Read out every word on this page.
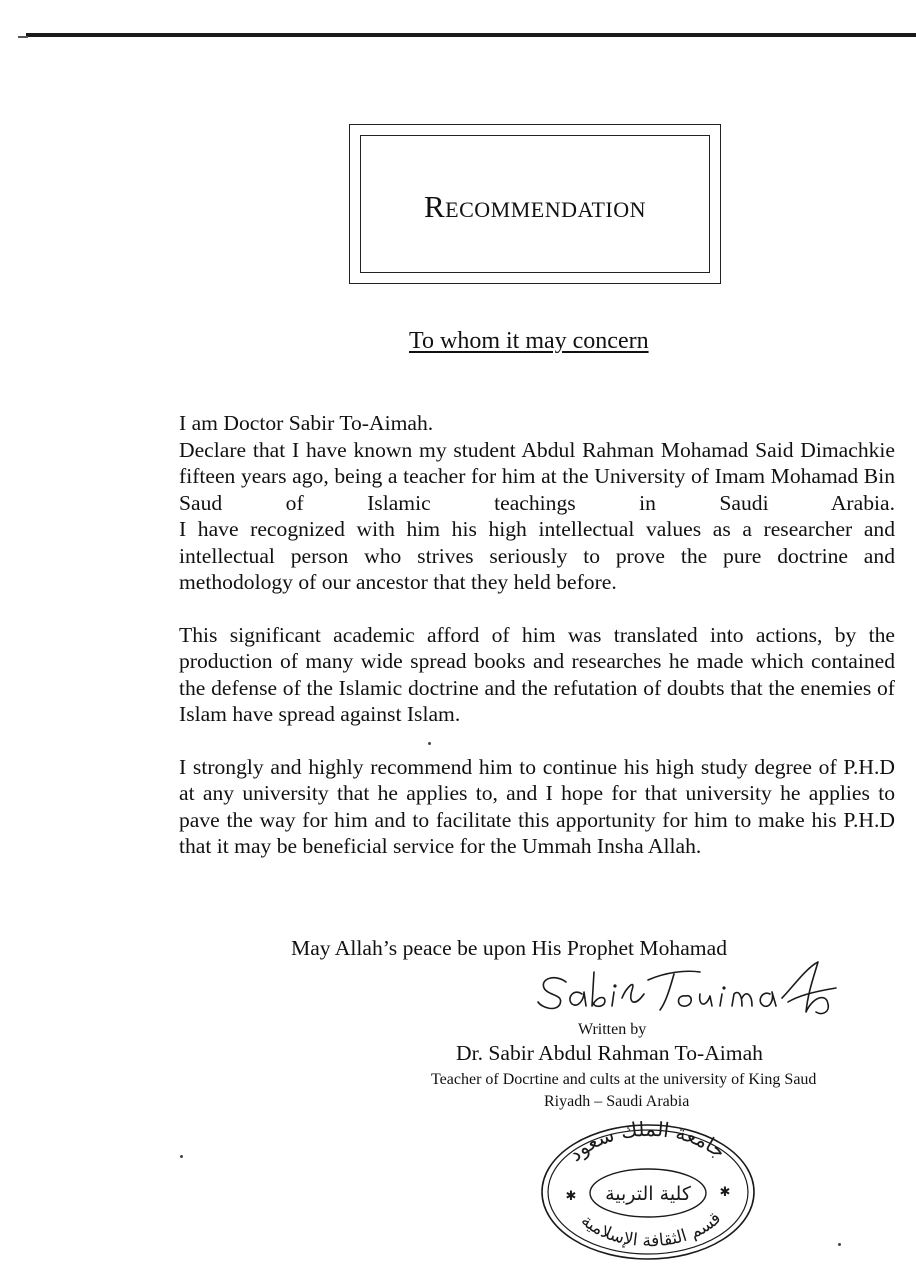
Recommendation
To whom it may concern

I am Doctor Sabir To-Aimah.

Declare that I have known my student Abdul Rahman Mohamad Said Dimachkie fifteen years ago, being a teacher for him at the University of Imam Mohamad Bin Saud of Islamic teachings in Saudi Arabia.

I have recognized with him his high intellectual values as a researcher and intellectual person who strives seriously to prove the pure doctrine and methodology of our ancestor that they held before.

This significant academic afford of him was translated into actions, by the production of many wide spread books and researches he made which contained the defense of the Islamic doctrine and the refutation of doubts that the enemies of Islam have spread against Islam.

I strongly and highly recommend him to continue his high study degree of P.H.D at any university that he applies to, and I hope for that university he applies to pave the way for him and to facilitate this apportunity for him to make his P.H.D that it may be beneficial service for the Ummah Insha Allah.

May Allah’s peace be upon His Prophet Mohamad
Written by
Dr. Sabir Abdul Rahman To-Aimah
Teacher of Docrtine and cults at the university of King Saud
Riyadh – Saudi Arabia
جامعة الملك سعود
قسم الثقافة الإسلامية
كلية التربية
✱	✱
